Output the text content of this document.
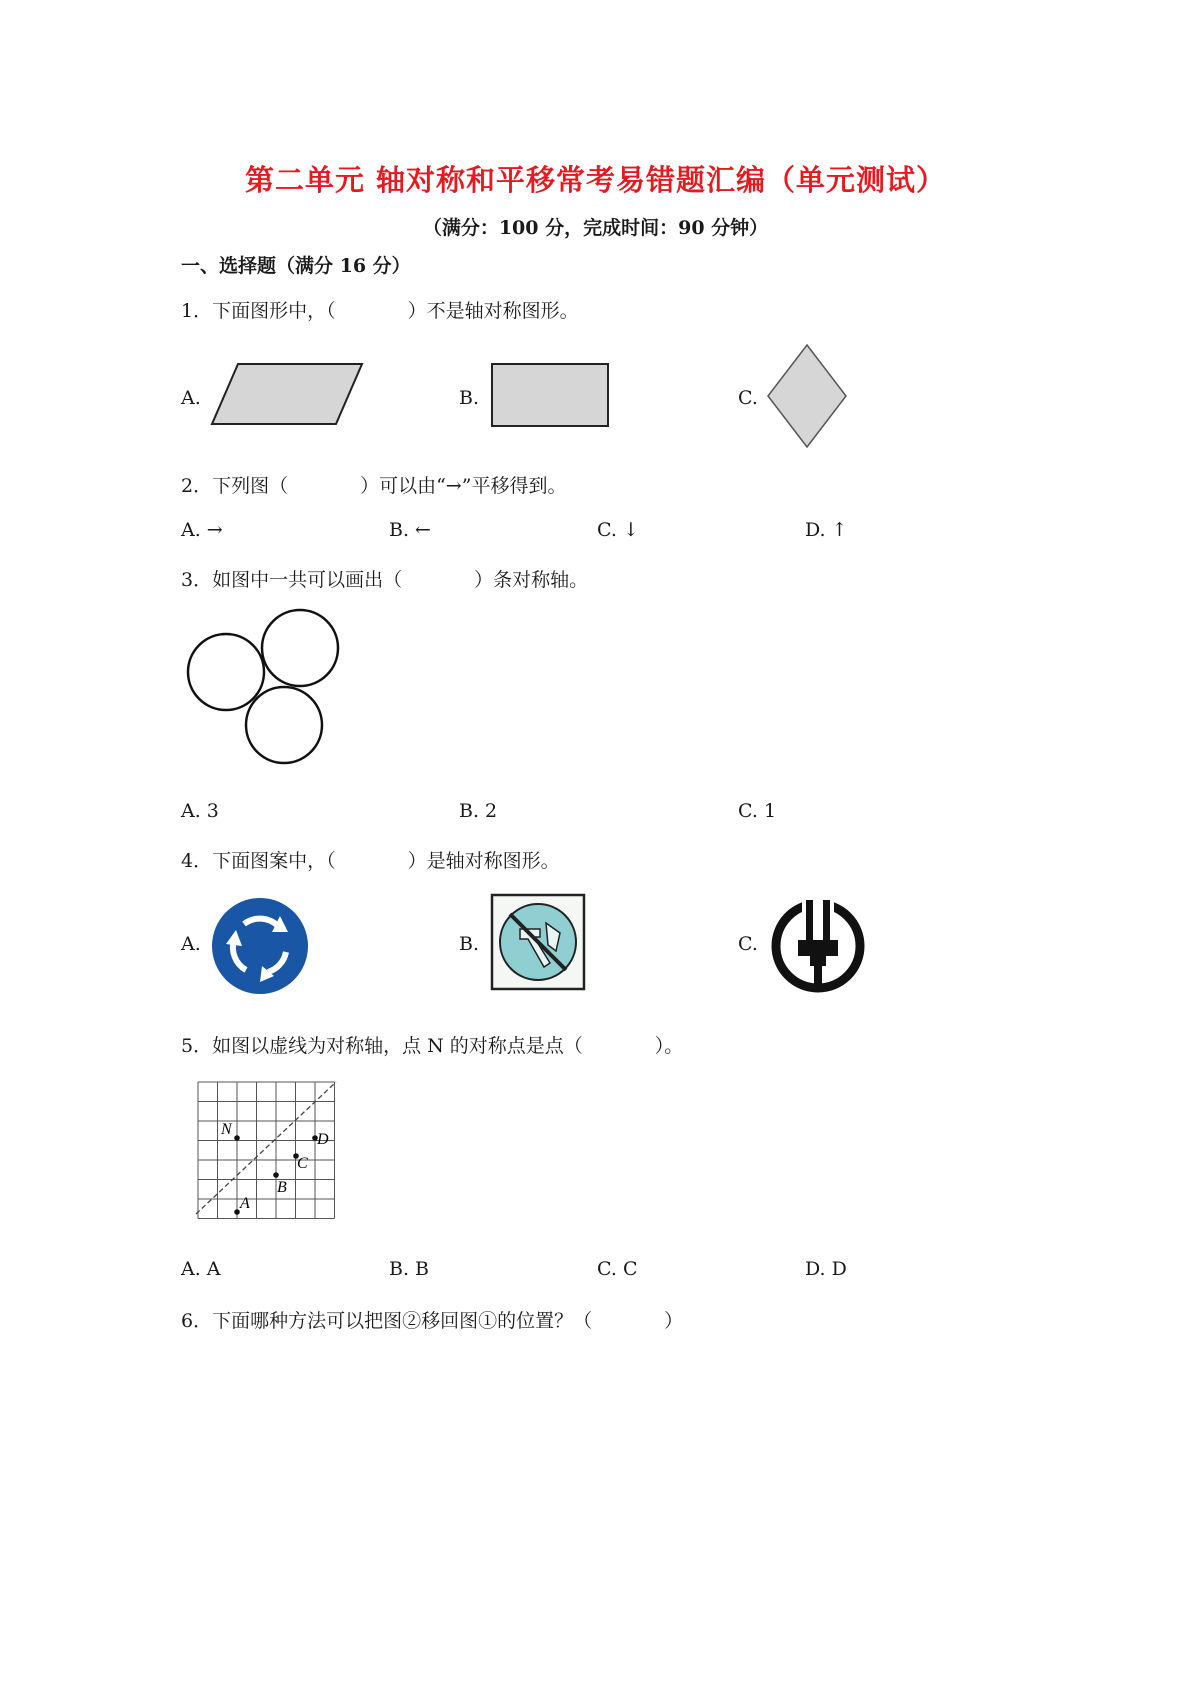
第二单元 轴对称和平移常考易错题汇编（单元测试）
（满分：100 分，完成时间：90 分钟）
一、选择题（满分 16 分）
1．下面图形中，（	）不是轴对称图形。
A.	B.	C.
2．下列图（	）可以由“→”平移得到。
A. →	B. ←	C. ↓	D. ↑
3．如图中一共可以画出（	）条对称轴。
A. 3	B. 2	C. 1
4．下面图案中，（	）是轴对称图形。
A.	B.	C.
5．如图以虚线为对称轴，点 N 的对称点是点（	）。
N
A
B
C
D
A. A	B. B	C. C	D. D
6．下面哪种方法可以把图②移回图①的位置？（	）
